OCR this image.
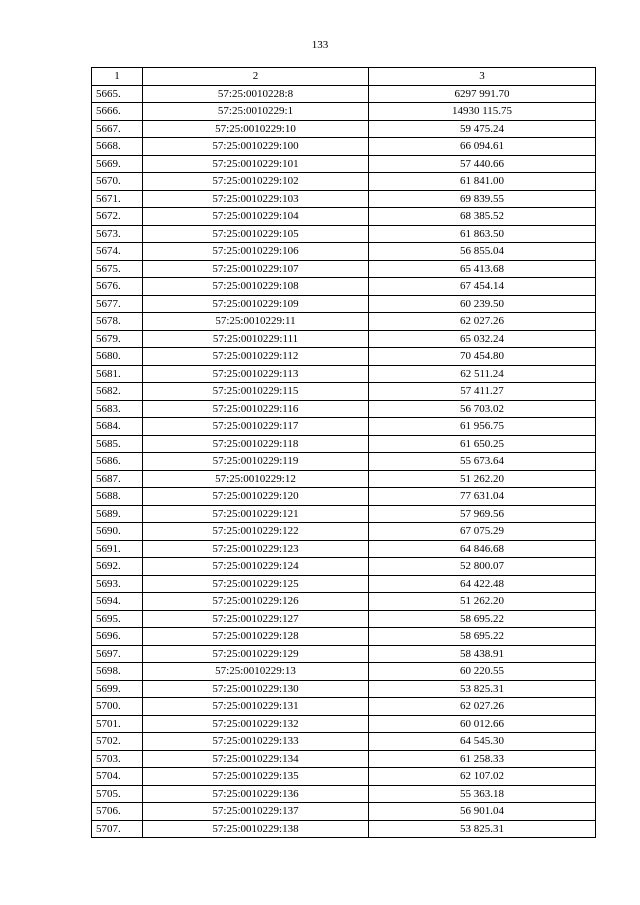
133
1	2	3
5665.	57:25:0010228:8	6297 991.70
5666.	57:25:0010229:1	14930 115.75
5667.	57:25:0010229:10	59 475.24
5668.	57:25:0010229:100	66 094.61
5669.	57:25:0010229:101	57 440.66
5670.	57:25:0010229:102	61 841.00
5671.	57:25:0010229:103	69 839.55
5672.	57:25:0010229:104	68 385.52
5673.	57:25:0010229:105	61 863.50
5674.	57:25:0010229:106	56 855.04
5675.	57:25:0010229:107	65 413.68
5676.	57:25:0010229:108	67 454.14
5677.	57:25:0010229:109	60 239.50
5678.	57:25:0010229:11	62 027.26
5679.	57:25:0010229:111	65 032.24
5680.	57:25:0010229:112	70 454.80
5681.	57:25:0010229:113	62 511.24
5682.	57:25:0010229:115	57 411.27
5683.	57:25:0010229:116	56 703.02
5684.	57:25:0010229:117	61 956.75
5685.	57:25:0010229:118	61 650.25
5686.	57:25:0010229:119	55 673.64
5687.	57:25:0010229:12	51 262.20
5688.	57:25:0010229:120	77 631.04
5689.	57:25:0010229:121	57 969.56
5690.	57:25:0010229:122	67 075.29
5691.	57:25:0010229:123	64 846.68
5692.	57:25:0010229:124	52 800.07
5693.	57:25:0010229:125	64 422.48
5694.	57:25:0010229:126	51 262.20
5695.	57:25:0010229:127	58 695.22
5696.	57:25:0010229:128	58 695.22
5697.	57:25:0010229:129	58 438.91
5698.	57:25:0010229:13	60 220.55
5699.	57:25:0010229:130	53 825.31
5700.	57:25:0010229:131	62 027.26
5701.	57:25:0010229:132	60 012.66
5702.	57:25:0010229:133	64 545.30
5703.	57:25:0010229:134	61 258.33
5704.	57:25:0010229:135	62 107.02
5705.	57:25:0010229:136	55 363.18
5706.	57:25:0010229:137	56 901.04
5707.	57:25:0010229:138	53 825.31
